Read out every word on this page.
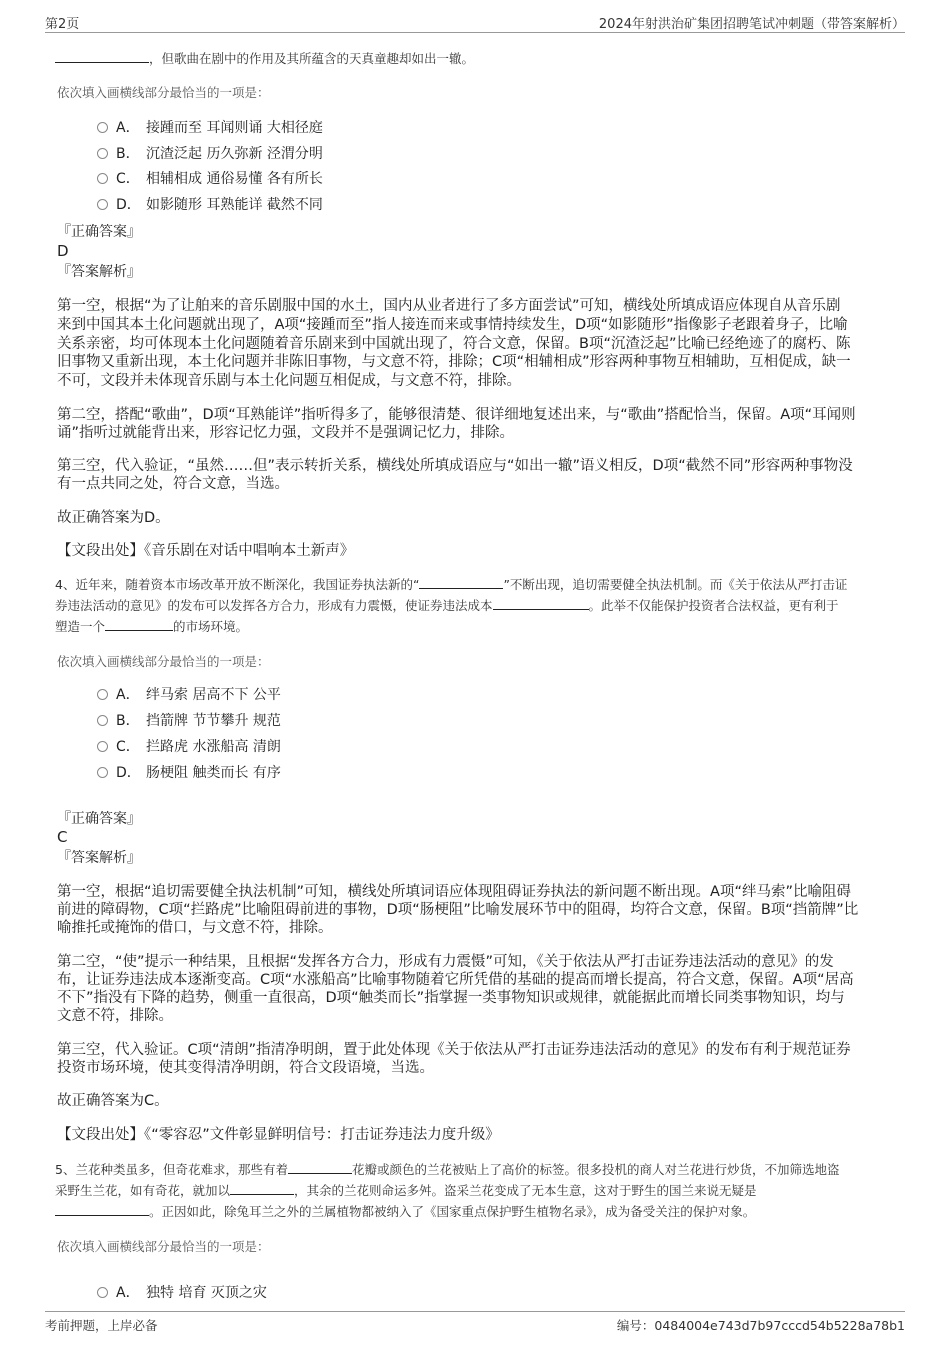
第2页	2024年射洪治矿集团招聘笔试冲刺题（带答案解析）
，但歌曲在剧中的作用及其所蕴含的天真童趣却如出一辙。
依次填入画横线部分最恰当的一项是：
A． 接踵而至 耳闻则诵 大相径庭
B． 沉渣泛起 历久弥新 泾渭分明
C． 相辅相成 通俗易懂 各有所长
D． 如影随形 耳熟能详 截然不同
『正确答案』
D
『答案解析』
第一空，根据“为了让舶来的音乐剧服中国的水土，国内从业者进行了多方面尝试”可知，横线处所填成语应体现自从音乐剧
来到中国其本土化问题就出现了，A项“接踵而至”指人接连而来或事情持续发生，D项“如影随形”指像影子老跟着身子，比喻
关系亲密，均可体现本土化问题随着音乐剧来到中国就出现了，符合文意，保留。B项“沉渣泛起”比喻已经绝迹了的腐朽、陈
旧事物又重新出现，本土化问题并非陈旧事物，与文意不符，排除；C项“相辅相成”形容两种事物互相辅助，互相促成，缺一
不可，文段并未体现音乐剧与本土化问题互相促成，与文意不符，排除。
第二空，搭配“歌曲”，D项“耳熟能详”指听得多了，能够很清楚、很详细地复述出来，与“歌曲”搭配恰当，保留。A项“耳闻则
诵”指听过就能背出来，形容记忆力强，文段并不是强调记忆力，排除。
第三空，代入验证，“虽然……但”表示转折关系，横线处所填成语应与“如出一辙”语义相反，D项“截然不同”形容两种事物没
有一点共同之处，符合文意，当选。
故正确答案为D。
【文段出处】《音乐剧在对话中唱响本土新声》
4、近年来，随着资本市场改革开放不断深化，我国证券执法新的“	”不断出现，追切需要健全执法机制。而《关于依法从严打击证
券违法活动的意见》的发布可以发挥各方合力，形成有力震慑，使证券违法成本	。此举不仅能保护投资者合法权益，更有利于
塑造一个	的市场环境。
依次填入画横线部分最恰当的一项是：
A． 绊马索 居高不下 公平
B． 挡箭牌 节节攀升 规范
C． 拦路虎 水涨船高 清朗
D． 肠梗阻 触类而长 有序
『正确答案』
C
『答案解析』
第一空，根据“追切需要健全执法机制”可知，横线处所填词语应体现阻碍证券执法的新问题不断出现。A项“绊马索”比喻阻碍
前进的障碍物，C项“拦路虎”比喻阻碍前进的事物，D项“肠梗阻”比喻发展环节中的阻碍，均符合文意，保留。B项“挡箭牌”比
喻推托或掩饰的借口，与文意不符，排除。
第二空，“使”提示一种结果，且根据“发挥各方合力，形成有力震慑”可知，《关于依法从严打击证券违法活动的意见》的发
布，让证券违法成本逐渐变高。C项“水涨船高”比喻事物随着它所凭借的基础的提高而增长提高，符合文意，保留。A项“居高
不下”指没有下降的趋势，侧重一直很高，D项“触类而长”指掌握一类事物知识或规律，就能据此而增长同类事物知识，均与
文意不符，排除。
第三空，代入验证。C项“清朗”指清净明朗，置于此处体现《关于依法从严打击证券违法活动的意见》的发布有利于规范证券
投资市场环境，使其变得清净明朗，符合文段语境，当选。
故正确答案为C。
【文段出处】《“零容忍”文件彰显鲜明信号：打击证券违法力度升级》
5、兰花种类虽多，但奇花难求，那些有着	花瓣或颜色的兰花被贴上了高价的标签。很多投机的商人对兰花进行炒货，不加筛选地盗
采野生兰花，如有奇花，就加以	，其余的兰花则命运多舛。盗采兰花变成了无本生意，这对于野生的国兰来说无疑是
。正因如此，除兔耳兰之外的兰属植物都被纳入了《国家重点保护野生植物名录》，成为备受关注的保护对象。
依次填入画横线部分最恰当的一项是：
A． 独特 培育 灭顶之灾
考前押题，上岸必备	编号：0484004e743d7b97cccd54b5228a78b1
